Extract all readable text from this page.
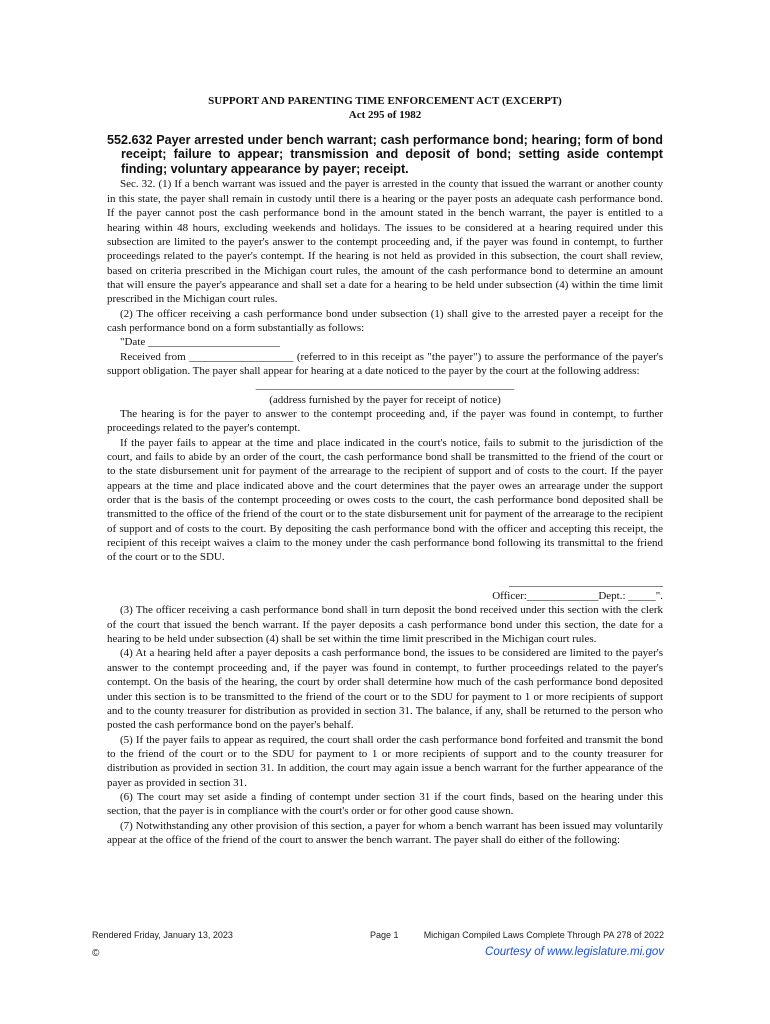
SUPPORT AND PARENTING TIME ENFORCEMENT ACT (EXCERPT)

Act 295 of 1982

552.632 Payer arrested under bench warrant; cash performance bond; hearing; form of bond receipt; failure to appear; transmission and deposit of bond; setting aside contempt finding; voluntary appearance by payer; receipt.

Sec. 32. (1) If a bench warrant was issued and the payer is arrested in the county that issued the warrant or another county in this state, the payer shall remain in custody until there is a hearing or the payer posts an adequate cash performance bond. If the payer cannot post the cash performance bond in the amount stated in the bench warrant, the payer is entitled to a hearing within 48 hours, excluding weekends and holidays. The issues to be considered at a hearing required under this subsection are limited to the payer's answer to the contempt proceeding and, if the payer was found in contempt, to further proceedings related to the payer's contempt. If the hearing is not held as provided in this subsection, the court shall review, based on criteria prescribed in the Michigan court rules, the amount of the cash performance bond to determine an amount that will ensure the payer's appearance and shall set a date for a hearing to be held under subsection (4) within the time limit prescribed in the Michigan court rules.

(2) The officer receiving a cash performance bond under subsection (1) shall give to the arrested payer a receipt for the cash performance bond on a form substantially as follows:

"Date ________________________

Received from ___________________ (referred to in this receipt as "the payer") to assure the performance of the payer's support obligation. The payer shall appear for hearing at a date noticed to the payer by the court at the following address:

_______________________________________________

(address furnished by the payer for receipt of notice)

The hearing is for the payer to answer to the contempt proceeding and, if the payer was found in contempt, to further proceedings related to the payer's contempt.

If the payer fails to appear at the time and place indicated in the court's notice, fails to submit to the jurisdiction of the court, and fails to abide by an order of the court, the cash performance bond shall be transmitted to the friend of the court or to the state disbursement unit for payment of the arrearage to the recipient of support and of costs to the court. If the payer appears at the time and place indicated above and the court determines that the payer owes an arrearage under the support order that is the basis of the contempt proceeding or owes costs to the court, the cash performance bond deposited shall be transmitted to the office of the friend of the court or to the state disbursement unit for payment of the arrearage to the recipient of support and of costs to the court. By depositing the cash performance bond with the officer and accepting this receipt, the recipient of this receipt waives a claim to the money under the cash performance bond following its transmittal to the friend of the court or to the SDU.

____________________________

Officer:_____________Dept.: _____".

(3) The officer receiving a cash performance bond shall in turn deposit the bond received under this section with the clerk of the court that issued the bench warrant. If the payer deposits a cash performance bond under this section, the date for a hearing to be held under subsection (4) shall be set within the time limit prescribed in the Michigan court rules.

(4) At a hearing held after a payer deposits a cash performance bond, the issues to be considered are limited to the payer's answer to the contempt proceeding and, if the payer was found in contempt, to further proceedings related to the payer's contempt. On the basis of the hearing, the court by order shall determine how much of the cash performance bond deposited under this section is to be transmitted to the friend of the court or to the SDU for payment to 1 or more recipients of support and to the county treasurer for distribution as provided in section 31. The balance, if any, shall be returned to the person who posted the cash performance bond on the payer's behalf.

(5) If the payer fails to appear as required, the court shall order the cash performance bond forfeited and transmit the bond to the friend of the court or to the SDU for payment to 1 or more recipients of support and to the county treasurer for distribution as provided in section 31. In addition, the court may again issue a bench warrant for the further appearance of the payer as provided in section 31.

(6) The court may set aside a finding of contempt under section 31 if the court finds, based on the hearing under this section, that the payer is in compliance with the court's order or for other good cause shown.

(7) Notwithstanding any other provision of this section, a payer for whom a bench warrant has been issued may voluntarily appear at the office of the friend of the court to answer the bench warrant. The payer shall do either of the following:

Rendered Friday, January 13, 2023	Page 1	Michigan Compiled Laws Complete Through PA 278 of 2022
©	Courtesy of www.legislature.mi.gov
